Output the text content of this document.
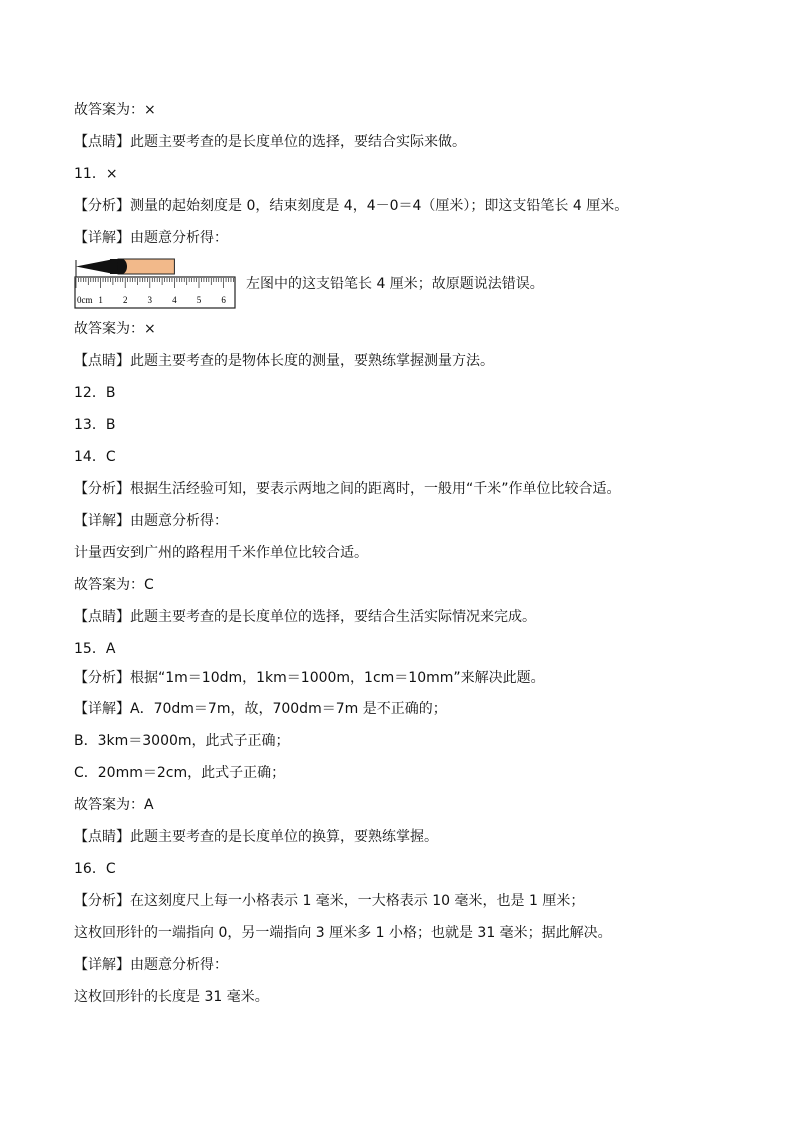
故答案为：×
【点睛】此题主要考查的是长度单位的选择，要结合实际来做。
11．×
【分析】测量的起始刻度是 0，结束刻度是 4，4－0＝4（厘米）；即这支铅笔长 4 厘米。
【详解】由题意分析得：
0cm 1 2 3 4 5 6
左图中的这支铅笔长 4 厘米；故原题说法错误。
故答案为：×
【点睛】此题主要考查的是物体长度的测量，要熟练掌握测量方法。
12．B
13．B
14．C
【分析】根据生活经验可知，要表示两地之间的距离时，一般用“千米”作单位比较合适。
【详解】由题意分析得：
计量西安到广州的路程用千米作单位比较合适。
故答案为：C
【点睛】此题主要考查的是长度单位的选择，要结合生活实际情况来完成。
15．A
【分析】根据“1m＝10dm，1km＝1000m，1cm＝10mm”来解决此题。
【详解】A．70dm＝7m，故，700dm＝7m 是不正确的；
B．3km＝3000m，此式子正确；
C．20mm＝2cm，此式子正确；
故答案为：A
【点睛】此题主要考查的是长度单位的换算，要熟练掌握。
16．C
【分析】在这刻度尺上每一小格表示 1 毫米，一大格表示 10 毫米，也是 1 厘米；
这枚回形针的一端指向 0，另一端指向 3 厘米多 1 小格；也就是 31 毫米；据此解决。
【详解】由题意分析得：
这枚回形针的长度是 31 毫米。
